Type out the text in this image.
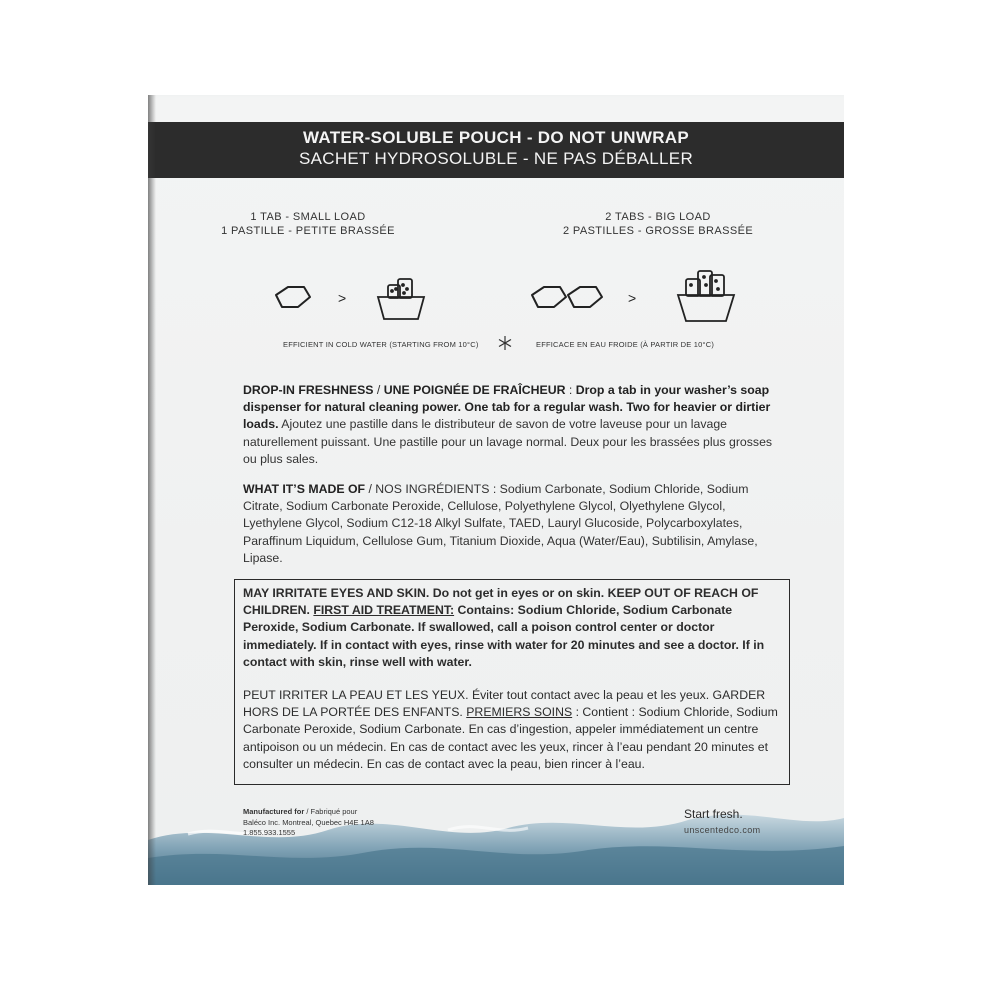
WATER-SOLUBLE POUCH - DO NOT UNWRAP
SACHET HYDROSOLUBLE - NE PAS DÉBALLER
1 TAB - SMALL LOAD
1 PASTILLE - PETITE BRASSÉE
2 TABS - BIG LOAD
2 PASTILLES - GROSSE BRASSÉE
>	>
EFFICIENT IN COLD WATER (STARTING FROM 10°C)	EFFICACE EN EAU FROIDE (À PARTIR DE 10°C)
DROP-IN FRESHNESS / UNE POIGNÉE DE FRAÎCHEUR : Drop a tab in your washer’s soap dispenser for natural cleaning power. One tab for a regular wash. Two for heavier or dirtier loads. Ajoutez une pastille dans le distributeur de savon de votre laveuse pour un lavage naturellement puissant. Une pastille pour un lavage normal. Deux pour les brassées plus grosses ou plus sales.
WHAT IT’S MADE OF / NOS INGRÉDIENTS : Sodium Carbonate, Sodium Chloride, Sodium Citrate, Sodium Carbonate Peroxide, Cellulose, Polyethylene Glycol, Olyethylene Glycol, Lyethylene Glycol, Sodium C12-18 Alkyl Sulfate, TAED, Lauryl Glucoside, Polycarboxylates, Paraffinum Liquidum, Cellulose Gum, Titanium Dioxide, Aqua (Water/Eau), Subtilisin, Amylase, Lipase.
MAY IRRITATE EYES AND SKIN. Do not get in eyes or on skin. KEEP OUT OF REACH OF CHILDREN. FIRST AID TREATMENT: Contains: Sodium Chloride, Sodium Carbonate Peroxide, Sodium Carbonate. If swallowed, call a poison control center or doctor immediately. If in contact with eyes, rinse with water for 20 minutes and see a doctor. If in contact with skin, rinse well with water.
PEUT IRRITER LA PEAU ET LES YEUX. Éviter tout contact avec la peau et les yeux. GARDER HORS DE LA PORTÉE DES ENFANTS. PREMIERS SOINS : Contient : Sodium Chloride, Sodium Carbonate Peroxide, Sodium Carbonate. En cas d’ingestion, appeler immédiatement un centre antipoison ou un médecin. En cas de contact avec les yeux, rincer à l’eau pendant 20 minutes et consulter un médecin. En cas de contact avec la peau, bien rincer à l’eau.
Manufactured for / Fabriqué pour
Baléco Inc. Montreal, Quebec H4E 1A8
1.855.933.1555
Start fresh.
unscentedco.com
